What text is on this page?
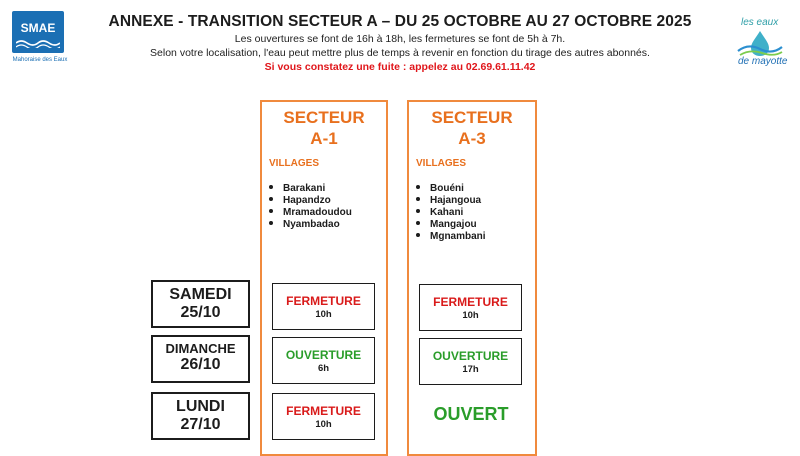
ANNEXE - TRANSITION SECTEUR A – DU 25 OCTOBRE AU 27 OCTOBRE 2025
Les ouvertures se font de 16h à 18h, les fermetures se font de 5h à 7h.
Selon votre localisation, l'eau peut mettre plus de temps à revenir en fonction du tirage des autres abonnés.
Si vous constatez une fuite : appelez au 02.69.61.11.42
SMAE
Mahoraise des Eaux
les eaux
de mayotte
SAMEDI
25/10
DIMANCHE
26/10
LUNDI
27/10
SECTEUR
A-1
VILLAGES
Barakani
Hapandzo
Mramadoudou
Nyambadao
FERMETURE
10h
OUVERTURE
6h
FERMETURE
10h
SECTEUR
A-3
VILLAGES
Bouéni
Hajangoua
Kahani
Mangajou
Mgnambani
FERMETURE
10h
OUVERTURE
17h
OUVERT
